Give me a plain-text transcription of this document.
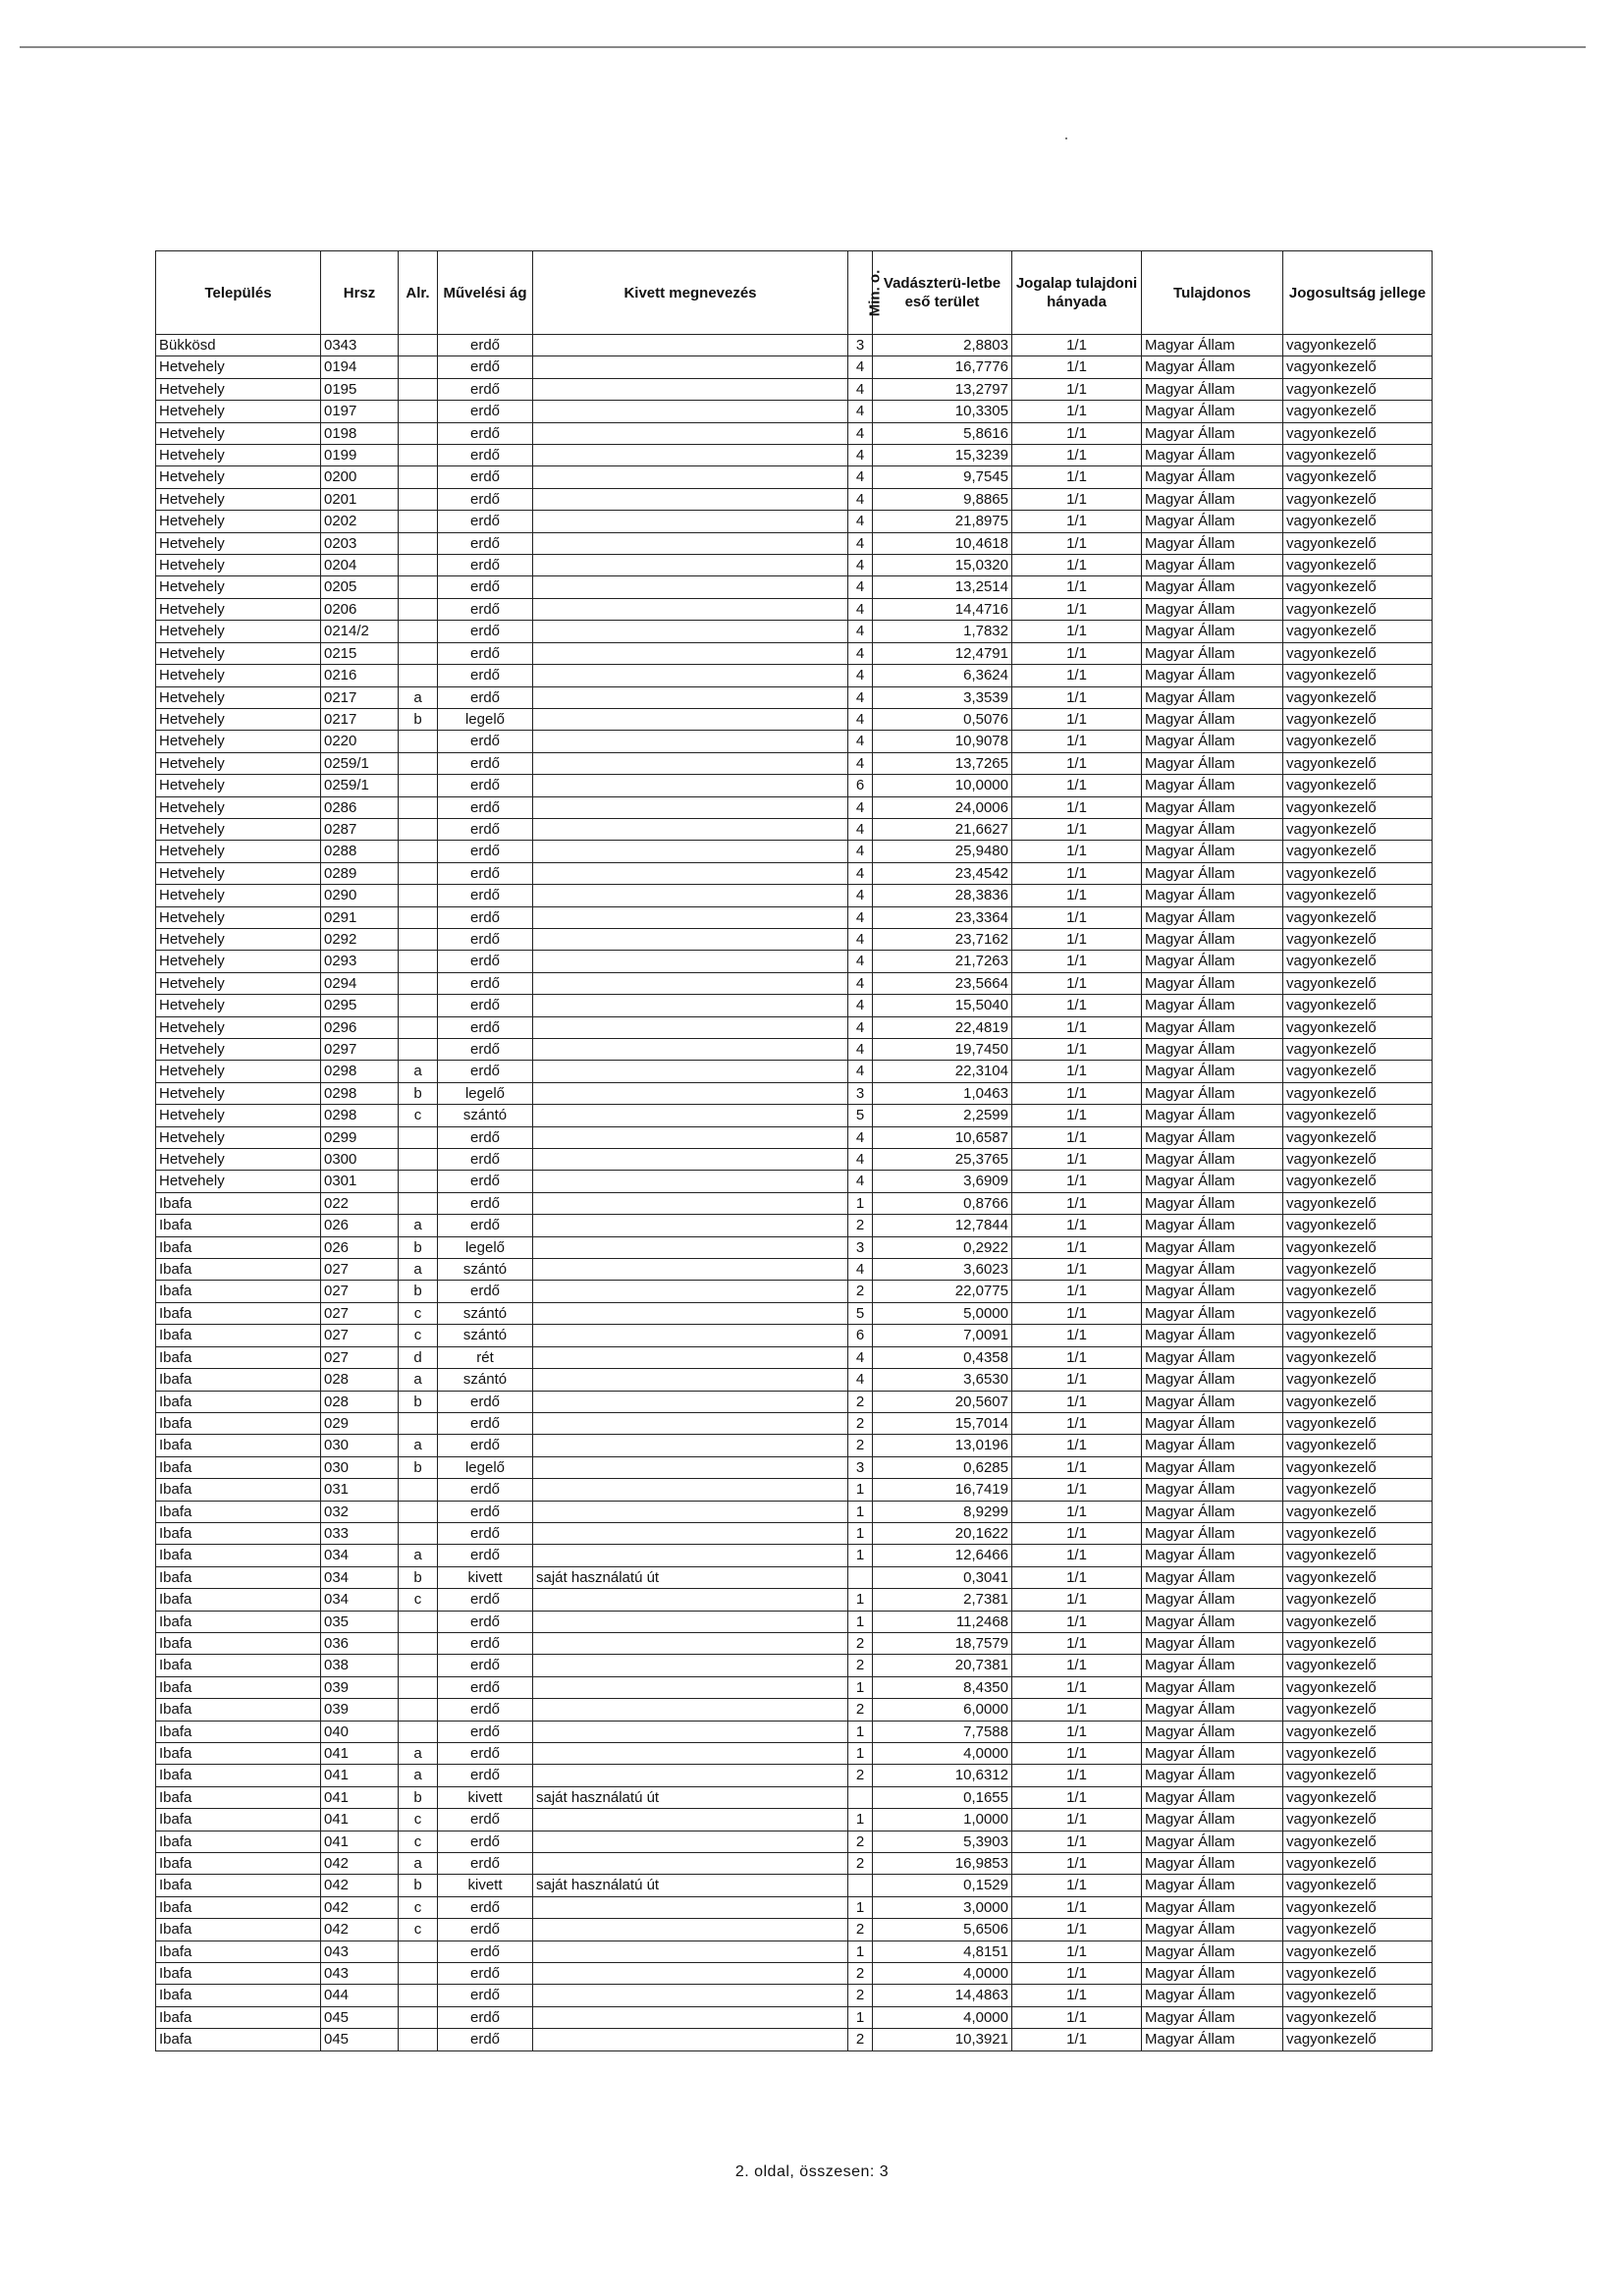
Település	Hrsz	Alr.	Művelési ág	Kivett megnevezés	Min. o.	Vadászterü-letbe eső terület	Jogalap tulajdoni hányada	Tulajdonos	Jogosultság jellege
Bükkösd	0343		erdő		3	2,8803	1/1	Magyar Állam	vagyonkezelő
Hetvehely	0194		erdő		4	16,7776	1/1	Magyar Állam	vagyonkezelő
Hetvehely	0195		erdő		4	13,2797	1/1	Magyar Állam	vagyonkezelő
Hetvehely	0197		erdő		4	10,3305	1/1	Magyar Állam	vagyonkezelő
Hetvehely	0198		erdő		4	5,8616	1/1	Magyar Állam	vagyonkezelő
Hetvehely	0199		erdő		4	15,3239	1/1	Magyar Állam	vagyonkezelő
Hetvehely	0200		erdő		4	9,7545	1/1	Magyar Állam	vagyonkezelő
Hetvehely	0201		erdő		4	9,8865	1/1	Magyar Állam	vagyonkezelő
Hetvehely	0202		erdő		4	21,8975	1/1	Magyar Állam	vagyonkezelő
Hetvehely	0203		erdő		4	10,4618	1/1	Magyar Állam	vagyonkezelő
Hetvehely	0204		erdő		4	15,0320	1/1	Magyar Állam	vagyonkezelő
Hetvehely	0205		erdő		4	13,2514	1/1	Magyar Állam	vagyonkezelő
Hetvehely	0206		erdő		4	14,4716	1/1	Magyar Állam	vagyonkezelő
Hetvehely	0214/2		erdő		4	1,7832	1/1	Magyar Állam	vagyonkezelő
Hetvehely	0215		erdő		4	12,4791	1/1	Magyar Állam	vagyonkezelő
Hetvehely	0216		erdő		4	6,3624	1/1	Magyar Állam	vagyonkezelő
Hetvehely	0217	a	erdő		4	3,3539	1/1	Magyar Állam	vagyonkezelő
Hetvehely	0217	b	legelő		4	0,5076	1/1	Magyar Állam	vagyonkezelő
Hetvehely	0220		erdő		4	10,9078	1/1	Magyar Állam	vagyonkezelő
Hetvehely	0259/1		erdő		4	13,7265	1/1	Magyar Állam	vagyonkezelő
Hetvehely	0259/1		erdő		6	10,0000	1/1	Magyar Állam	vagyonkezelő
Hetvehely	0286		erdő		4	24,0006	1/1	Magyar Állam	vagyonkezelő
Hetvehely	0287		erdő		4	21,6627	1/1	Magyar Állam	vagyonkezelő
Hetvehely	0288		erdő		4	25,9480	1/1	Magyar Állam	vagyonkezelő
Hetvehely	0289		erdő		4	23,4542	1/1	Magyar Állam	vagyonkezelő
Hetvehely	0290		erdő		4	28,3836	1/1	Magyar Állam	vagyonkezelő
Hetvehely	0291		erdő		4	23,3364	1/1	Magyar Állam	vagyonkezelő
Hetvehely	0292		erdő		4	23,7162	1/1	Magyar Állam	vagyonkezelő
Hetvehely	0293		erdő		4	21,7263	1/1	Magyar Állam	vagyonkezelő
Hetvehely	0294		erdő		4	23,5664	1/1	Magyar Állam	vagyonkezelő
Hetvehely	0295		erdő		4	15,5040	1/1	Magyar Állam	vagyonkezelő
Hetvehely	0296		erdő		4	22,4819	1/1	Magyar Állam	vagyonkezelő
Hetvehely	0297		erdő		4	19,7450	1/1	Magyar Állam	vagyonkezelő
Hetvehely	0298	a	erdő		4	22,3104	1/1	Magyar Állam	vagyonkezelő
Hetvehely	0298	b	legelő		3	1,0463	1/1	Magyar Állam	vagyonkezelő
Hetvehely	0298	c	szántó		5	2,2599	1/1	Magyar Állam	vagyonkezelő
Hetvehely	0299		erdő		4	10,6587	1/1	Magyar Állam	vagyonkezelő
Hetvehely	0300		erdő		4	25,3765	1/1	Magyar Állam	vagyonkezelő
Hetvehely	0301		erdő		4	3,6909	1/1	Magyar Állam	vagyonkezelő
Ibafa	022		erdő		1	0,8766	1/1	Magyar Állam	vagyonkezelő
Ibafa	026	a	erdő		2	12,7844	1/1	Magyar Állam	vagyonkezelő
Ibafa	026	b	legelő		3	0,2922	1/1	Magyar Állam	vagyonkezelő
Ibafa	027	a	szántó		4	3,6023	1/1	Magyar Állam	vagyonkezelő
Ibafa	027	b	erdő		2	22,0775	1/1	Magyar Állam	vagyonkezelő
Ibafa	027	c	szántó		5	5,0000	1/1	Magyar Állam	vagyonkezelő
Ibafa	027	c	szántó		6	7,0091	1/1	Magyar Állam	vagyonkezelő
Ibafa	027	d	rét		4	0,4358	1/1	Magyar Állam	vagyonkezelő
Ibafa	028	a	szántó		4	3,6530	1/1	Magyar Állam	vagyonkezelő
Ibafa	028	b	erdő		2	20,5607	1/1	Magyar Állam	vagyonkezelő
Ibafa	029		erdő		2	15,7014	1/1	Magyar Állam	vagyonkezelő
Ibafa	030	a	erdő		2	13,0196	1/1	Magyar Állam	vagyonkezelő
Ibafa	030	b	legelő		3	0,6285	1/1	Magyar Állam	vagyonkezelő
Ibafa	031		erdő		1	16,7419	1/1	Magyar Állam	vagyonkezelő
Ibafa	032		erdő		1	8,9299	1/1	Magyar Állam	vagyonkezelő
Ibafa	033		erdő		1	20,1622	1/1	Magyar Állam	vagyonkezelő
Ibafa	034	a	erdő		1	12,6466	1/1	Magyar Állam	vagyonkezelő
Ibafa	034	b	kivett	saját használatú út		0,3041	1/1	Magyar Állam	vagyonkezelő
Ibafa	034	c	erdő		1	2,7381	1/1	Magyar Állam	vagyonkezelő
Ibafa	035		erdő		1	11,2468	1/1	Magyar Állam	vagyonkezelő
Ibafa	036		erdő		2	18,7579	1/1	Magyar Állam	vagyonkezelő
Ibafa	038		erdő		2	20,7381	1/1	Magyar Állam	vagyonkezelő
Ibafa	039		erdő		1	8,4350	1/1	Magyar Állam	vagyonkezelő
Ibafa	039		erdő		2	6,0000	1/1	Magyar Állam	vagyonkezelő
Ibafa	040		erdő		1	7,7588	1/1	Magyar Állam	vagyonkezelő
Ibafa	041	a	erdő		1	4,0000	1/1	Magyar Állam	vagyonkezelő
Ibafa	041	a	erdő		2	10,6312	1/1	Magyar Állam	vagyonkezelő
Ibafa	041	b	kivett	saját használatú út		0,1655	1/1	Magyar Állam	vagyonkezelő
Ibafa	041	c	erdő		1	1,0000	1/1	Magyar Állam	vagyonkezelő
Ibafa	041	c	erdő		2	5,3903	1/1	Magyar Állam	vagyonkezelő
Ibafa	042	a	erdő		2	16,9853	1/1	Magyar Állam	vagyonkezelő
Ibafa	042	b	kivett	saját használatú út		0,1529	1/1	Magyar Állam	vagyonkezelő
Ibafa	042	c	erdő		1	3,0000	1/1	Magyar Állam	vagyonkezelő
Ibafa	042	c	erdő		2	5,6506	1/1	Magyar Állam	vagyonkezelő
Ibafa	043		erdő		1	4,8151	1/1	Magyar Állam	vagyonkezelő
Ibafa	043		erdő		2	4,0000	1/1	Magyar Állam	vagyonkezelő
Ibafa	044		erdő		2	14,4863	1/1	Magyar Állam	vagyonkezelő
Ibafa	045		erdő		1	4,0000	1/1	Magyar Állam	vagyonkezelő
Ibafa	045		erdő		2	10,3921	1/1	Magyar Állam	vagyonkezelő
2. oldal, összesen: 3
